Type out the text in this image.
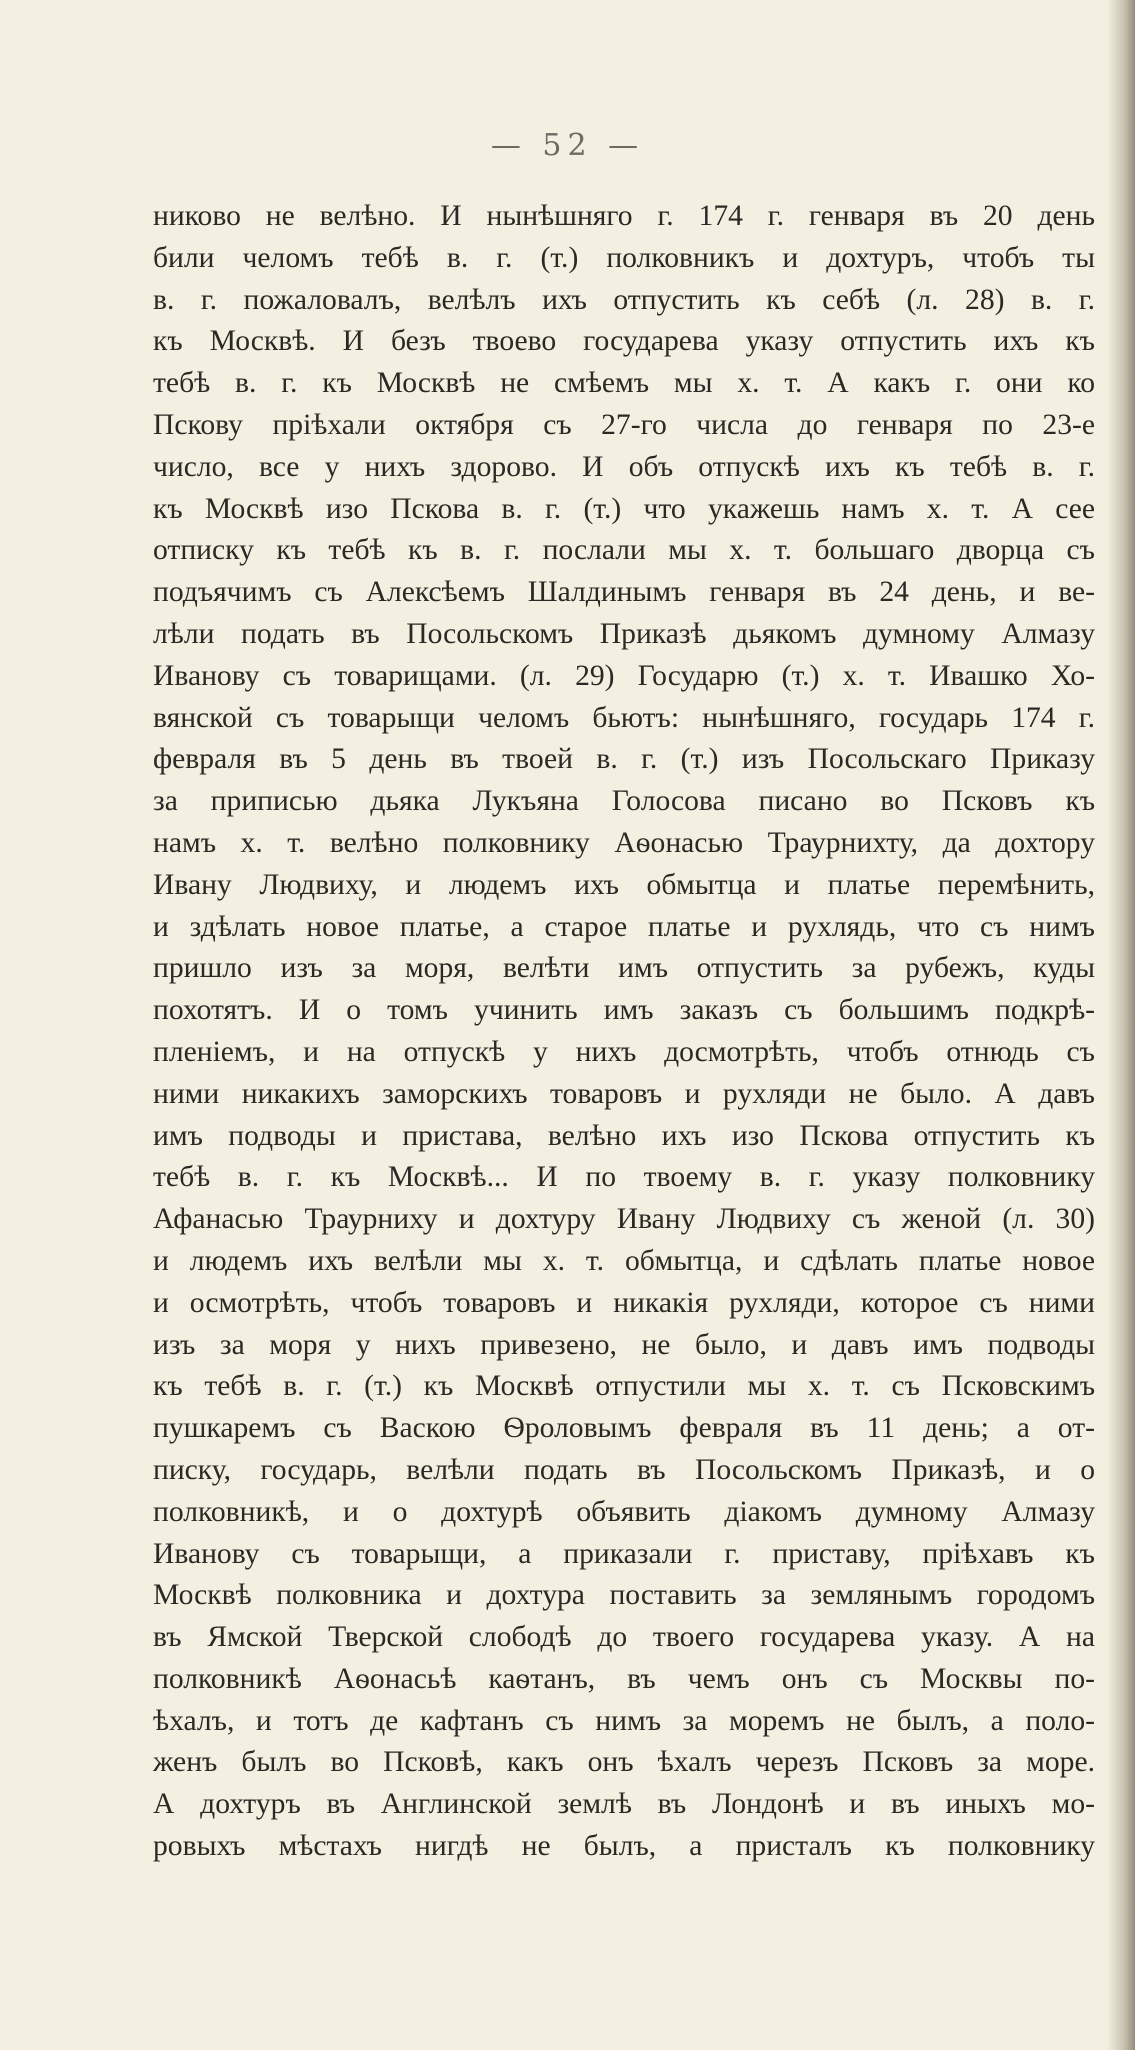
— 52 —
никово не велѣно. И нынѣшняго г. 174 г. генваря въ 20 день
били челомъ тебѣ в. г. (т.) полковникъ и дохтуръ, чтобъ ты
в. г. пожаловалъ, велѣлъ ихъ отпустить къ себѣ (л. 28) в. г.
къ Москвѣ. И безъ твоево государева указу отпустить ихъ къ
тебѣ в. г. къ Москвѣ не смѣемъ мы х. т. А какъ г. они ко
Пскову пріѣхали октября съ 27-го числа до генваря по 23-е
число, все у нихъ здорово. И объ отпускѣ ихъ къ тебѣ в. г.
къ Москвѣ изо Пскова в. г. (т.) что укажешь намъ х. т. А сее
отписку къ тебѣ къ в. г. послали мы х. т. большаго дворца съ
подъячимъ съ Алексѣемъ Шалдинымъ генваря въ 24 день, и ве-
лѣли подать въ Посольскомъ Приказѣ дьякомъ думному Алмазу
Иванову съ товарищами. (л. 29) Государю (т.) х. т. Ивашко Хо-
вянской съ товарыщи челомъ бьютъ: нынѣшняго, государь 174 г.
февраля въ 5 день въ твоей в. г. (т.) изъ Посольскаго Приказу
за приписью дьяка Лукъяна Голосова писано во Псковъ къ
намъ х. т. велѣно полковнику Аѳонасью Траурнихту, да дохтору
Ивану Людвиху, и людемъ ихъ обмытца и платье перемѣнить,
и здѣлать новое платье, а старое платье и рухлядь, что съ нимъ
пришло изъ за моря, велѣти имъ отпустить за рубежъ, куды
похотятъ. И о томъ учинить имъ заказъ съ большимъ подкрѣ-
пленіемъ, и на отпускѣ у нихъ досмотрѣть, чтобъ отнюдь съ
ними никакихъ заморскихъ товаровъ и рухляди не было. А давъ
имъ подводы и пристава, велѣно ихъ изо Пскова отпустить къ
тебѣ в. г. къ Москвѣ... И по твоему в. г. указу полковнику
Афанасью Траурниху и дохтуру Ивану Людвиху съ женой (л. 30)
и людемъ ихъ велѣли мы х. т. обмытца, и сдѣлать платье новое
и осмотрѣть, чтобъ товаровъ и никакія рухляди, которое съ ними
изъ за моря у нихъ привезено, не было, и давъ имъ подводы
къ тебѣ в. г. (т.) къ Москвѣ отпустили мы х. т. съ Псковскимъ
пушкаремъ съ Васкою Ѳроловымъ февраля въ 11 день; а от-
писку, государь, велѣли подать въ Посольскомъ Приказѣ, и о
полковникѣ, и о дохтурѣ объявить діакомъ думному Алмазу
Иванову съ товарыщи, а приказали г. приставу, пріѣхавъ къ
Москвѣ полковника и дохтура поставить за землянымъ городомъ
въ Ямской Тверской слободѣ до твоего государева указу. А на
полковникѣ Аѳонасьѣ каѳтанъ, въ чемъ онъ съ Москвы по-
ѣхалъ, и тотъ де кафтанъ съ нимъ за моремъ не былъ, а поло-
женъ былъ во Псковѣ, какъ онъ ѣхалъ черезъ Псковъ за море.
А дохтуръ въ Англинской землѣ въ Лондонѣ и въ иныхъ мо-
ровыхъ мѣстахъ нигдѣ не былъ, а присталъ къ полковнику
